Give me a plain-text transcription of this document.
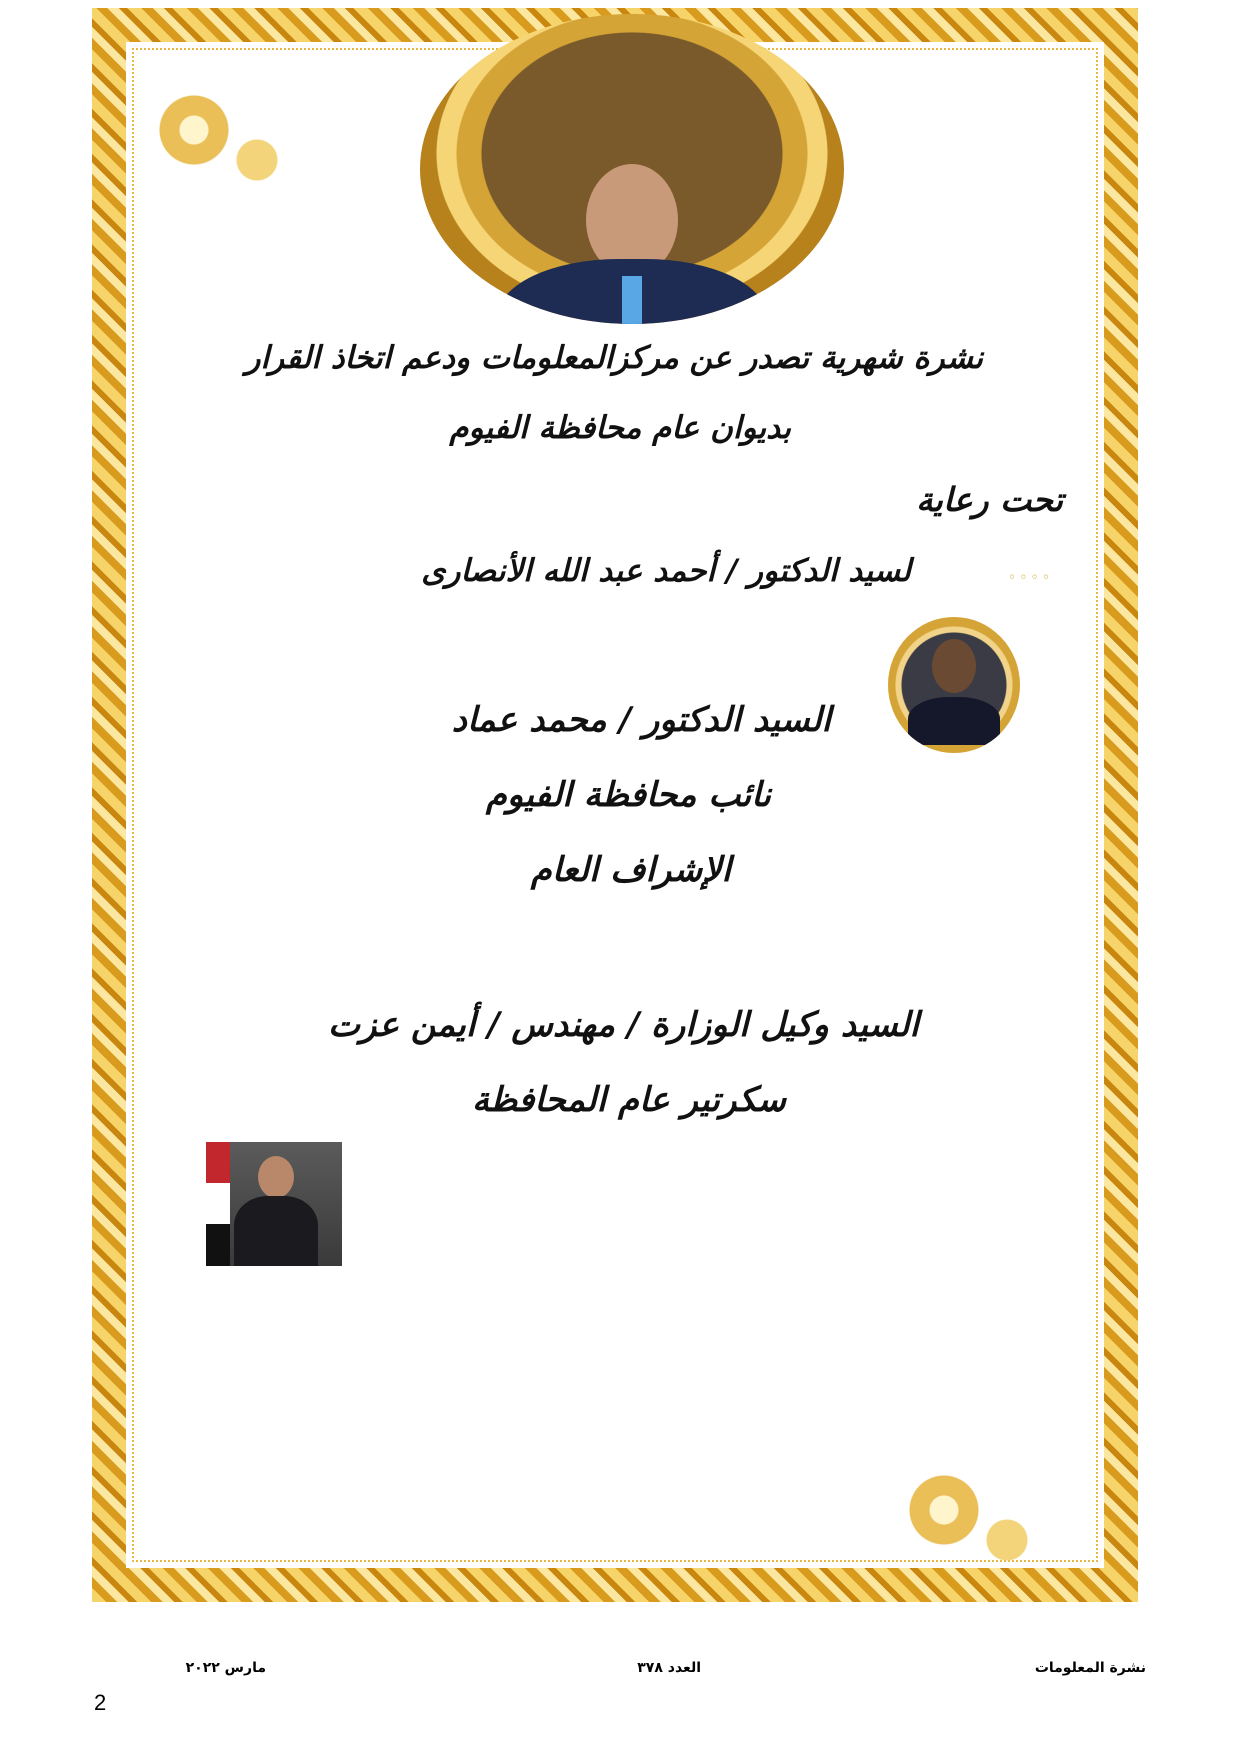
نشرة شهرية تصدر عن مركزالمعلومات ودعم اتخاذ القرار
بديوان عام محافظة الفيوم
تحت رعاية
◦◦◦◦
لسيد الدكتور / أحمد عبد الله الأنصارى
السيد الدكتور / محمد عماد
نائب محافظة الفيوم
الإشراف العام
السيد وكيل الوزارة / مهندس / أيمن عزت
سكرتير عام المحافظة
نشرة المعلومات
العدد ٣٧٨
مارس ٢٠٢٢
2
